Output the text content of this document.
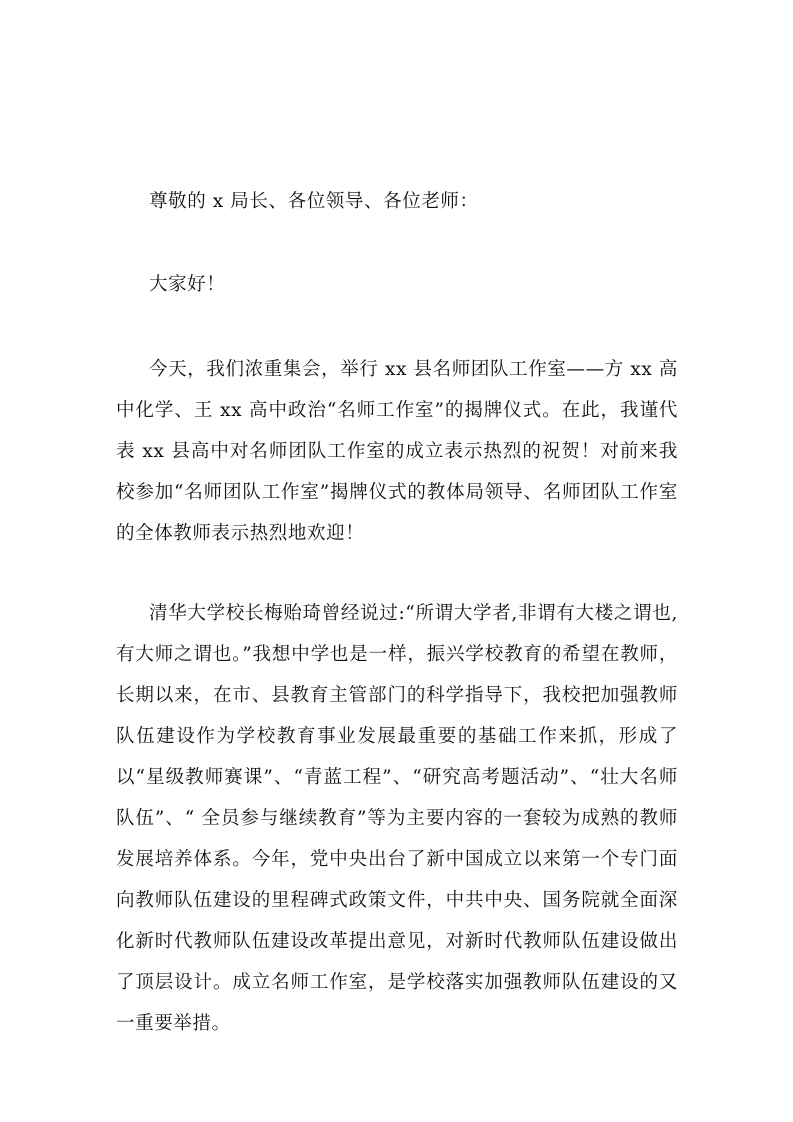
尊敬的 x 局长、各位领导、各位老师：

大家好！

今天，我们浓重集会，举行 xx 县名师团队工作室——方 xx 高中化学、王 xx 高中政治“名师工作室”的揭牌仪式。在此，我谨代表 xx 县高中对名师团队工作室的成立表示热烈的祝贺！对前来我校参加“名师团队工作室”揭牌仪式的教体局领导、名师团队工作室的全体教师表示热烈地欢迎！

清华大学校长梅贻琦曾经说过:“所谓大学者,非谓有大楼之谓也,有大师之谓也。”我想中学也是一样，振兴学校教育的希望在教师，长期以来，在市、县教育主管部门的科学指导下，我校把加强教师队伍建设作为学校教育事业发展最重要的基础工作来抓，形成了以“星级教师赛课”、“青蓝工程”、“研究高考题活动”、“壮大名师队伍”、“ 全员参与继续教育”等为主要内容的一套较为成熟的教师发展培养体系。今年，党中央出台了新中国成立以来第一个专门面向教师队伍建设的里程碑式政策文件，中共中央、国务院就全面深化新时代教师队伍建设改革提出意见，对新时代教师队伍建设做出了顶层设计。成立名师工作室，是学校落实加强教师队伍建设的又一重要举措。
